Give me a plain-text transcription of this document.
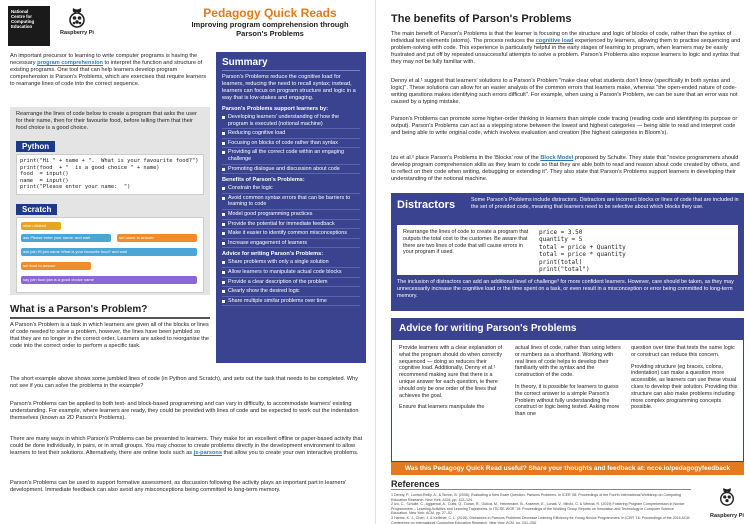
National
Centre for
Computing
Education
Raspberry Pi
Pedagogy Quick Reads
Improving program comprehension through Parson's Problems
An important precursor to learning to write computer programs is having the necessary program comprehension to interpret the function and structure of existing programs. One tool that can help learners develop program comprehension is Parson's Problems, which are exercises that require learners to rearrange lines of code into the correct sequence.
Rearrange the lines of code below to create a program that asks the user for their name, then for their favourite food, before telling them that their food choice is a good choice.
Python
print("Hi " + name + ".  What is your favourite food?")
print(food  + "  is a good choice " + name)
food  = input()
name  = input()
print("Please enter your name:  ")
Scratch
when clicked
ask Please enter your name: and wait	set name to answer
ask join Hi join name What is your favourite food? and wait
set food to answer
say join food join is a good choice name
Summary
Parson's Problems reduce the cognitive load for learners, reducing the need to recall syntax; instead, learners can focus on program structure and logic in a way that is low-stakes and engaging.
Parson's Problems support learners by:
Developing learners' understanding of how the program is executed (notional machine)
Reducing cognitive load
Focusing on blocks of code rather than syntax
Providing all the correct code within an engaging challenge
Promoting dialogue and discussion about code
Benefits of Parson's Problems:
Constrain the logic
Avoid common syntax errors that can be barriers to learning to code
Model good programming practices
Provide the potential for immediate feedback
Make it easier to identify common misconceptions
Increase engagement of learners
Advice for writing Parson's Problems:
Share problems with only a single solution
Allow learners to manipulate actual code blocks
Provide a clear description of the problem
Clearly show the desired logic
Share multiple similar problems over time
What is a Parson's Problem?
A Parson's Problem is a task in which learners are given all of the blocks or lines of code needed to solve a problem, however, the lines have been jumbled so that they are no longer in the correct order. Learners are asked to reorganise the code into the correct order to perform a specific task.
The short example above shows some jumbled lines of code (in Python and Scratch), and sets out the task that needs to be completed. Why not see if you can solve the problems in the example?
Parson's Problems can be applied to both text- and block-based programming and can vary in difficulty, to accommodate learners' existing understanding. For example, where learners are ready, they could be provided with lines of code and be expected to work out the indentation themselves (known as 2D Parson's Problems).
There are many ways in which Parson's Problems can be presented to learners. They make for an excellent offline or paper-based activity that could be done individually, in pairs, or in small groups. You may choose to create problems directly in the development environment to allow learners to test their solutions. Alternatively, there are online tools such as js-parsons that allow you to create your own interactive problems.
Parson's Problems can be used to support formative assessment, as discussion following the activity plays an important part in learners' development. Immediate feedback can also avoid any misconceptions being committed to long-term memory.
The benefits of Parson's Problems
The main benefit of Parson's Problems is that the learner is focusing on the structure and logic of blocks of code, rather than the syntax of individual text elements (atoms). The process reduces the cognitive load experienced by learners, allowing them to practise sequencing and problem-solving with code. This experience is particularly helpful in the early stages of learning to program, when learners may be easily frustrated and put off by repeated unsuccessful attempts to solve a problem. Parson's Problems also expose learners to logic and syntax that they may not be fully familiar with.
Denny et al.¹ suggest that learners' solutions to a Parson's Problem "make clear what students don't know (specifically in both syntax and logic)". These solutions can allow for an easier analysis of the common errors that learners make, whereas "the open-ended nature of code-writing questions makes identifying such errors difficult". For example, when using a Parson's Problem, we can be sure that an error was not caused by a typing mistake.
Parson's Problems can promote some higher-order thinking in learners than simple code tracing (reading code and identifying its purpose or output). Parson's Problems can act as a stepping stone between the lowest and highest categories — being able to read and interpret code and being able to write original code, which involves evaluation and creation (the highest categories in Bloom's).
Izu et al.² place Parson's Problems in the 'Blocks' row of the Block Model proposed by Schulte. They state that "novice programmers should develop program comprehension skills as they learn to code so that they are able both to read and reason about code created by others, and to reflect on their code when writing, debugging or extending it". They also state that Parson's Problems support learners in developing their understanding of the notional machine.
Distractors	Some Parson's Problems include distractors. Distractors are incorrect blocks or lines of code that are included in the set of provided code, meaning that learners need to be selective about which blocks they use.
Rearrange the lines of code to create a program that outputs the total cost to the customer. Be aware that there are two lines of code that will cause errors in your program if used.
price = 3.50
quantity = 5
total = price + Quantity
total = price * quantity
print(total)
print("total")
The inclusion of distractors can add an additional level of challenge³ for more confident learners. However, care should be taken, as they may unnecessarily increase the cognitive load or the time spent on a task, or even result in a misconception or error being committed to long-term memory.
Advice for writing Parson's Problems

Provide learners with a clear explanation of what the program should do when correctly sequenced — doing so reduces their cognitive load. Additionally, Denny et al.¹ recommend making sure that there is a unique answer for each question, ie there should only be one order of the lines that achieves the goal.

Ensure that learners manipulate the

actual lines of code, rather than using letters or numbers as a shorthand. Working with real lines of code helps to develop their familiarity with the syntax and the construction of the code.

In theory, it is possible for learners to guess the correct answer to a simple Parson's Problem without fully understanding the construct or logic being tested. Asking more than one

question over time that tests the same logic or construct can reduce this concern.

Providing structure (eg braces, colons, indentation) can make a question more accessible, as learners can use these visual clues to develop their solution. Providing this structure can also make problems including more complex programming concepts possible.

Was this Pedagogy Quick Read useful? Share your thoughts and feedback at: ncce.io/pedagogyfeedback
References
1 Denny, P., Luxton-Reilly, A., & Simon, B. (2008). Evaluating a New Exam Question: Parsons Problems. In ICER '08: Proceedings of the Fourth International Workshop on Computing Education Research. New York: ACM, pp. 113–124.
2 Izu, C., Schulte, C., Aggarwal, A., Cutts, Q., Duran, R., Gutica, M., Heinemann, B., Kraemer, E., Lonati, V., Mirolo, C. & Weeda, R. (2019) Fostering Program Comprehension in Novice Programmers – Learning Activities and Learning Trajectories. In ITiCSE-WGR '19: Proceedings of the Working Group Reports on Innovation and Technology in Computer Science Education. New York: ACM, pp. 27–52.
3 Harms, K. J., Chen, J. & Kelleher, C. L. (2016). Distractors in Parsons Problems Decrease Learning Efficiency for Young Novice Programmers. In ICER '16: Proceedings of the 2016 ACM Conference on International Computing Education Research. New York: ACM, pp. 241–250.
Raspberry Pi
